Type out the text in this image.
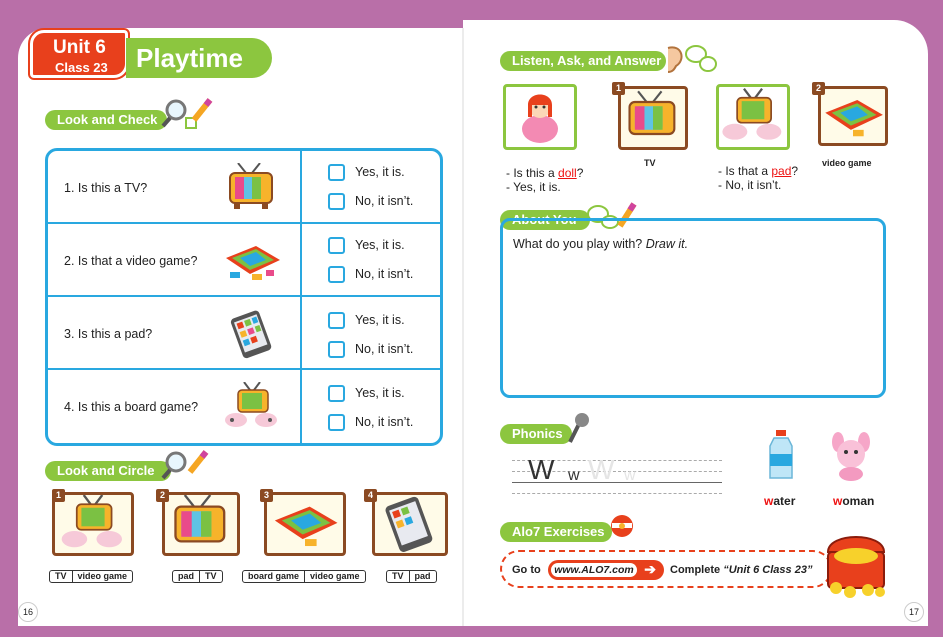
Unit 6
Class 23	Playtime
Look and Check
1. Is this a TV?
Yes, it is.
No, it isn’t.
2. Is that a video game?
Yes, it is.
No, it isn’t.
3. Is this a pad?
Yes, it is.
No, it isn’t.
4. Is this a board game?
Yes, it is.
No, it isn’t.
Look and Circle
1
TV	video game
2
pad	TV
3
board game	video game
4
TV	pad
16
Listen, Ask, and Answer
- Is this a doll?
- Yes, it is.
1
TV
- Is that a pad?
- No, it isn’t.
2
video game
About You
What do you play with? Draw it.
Phonics
W w W w
water	woman
Alo7 Exercises
Go to	www.ALO7.com ➔ Complete “Unit 6 Class 23”
17
